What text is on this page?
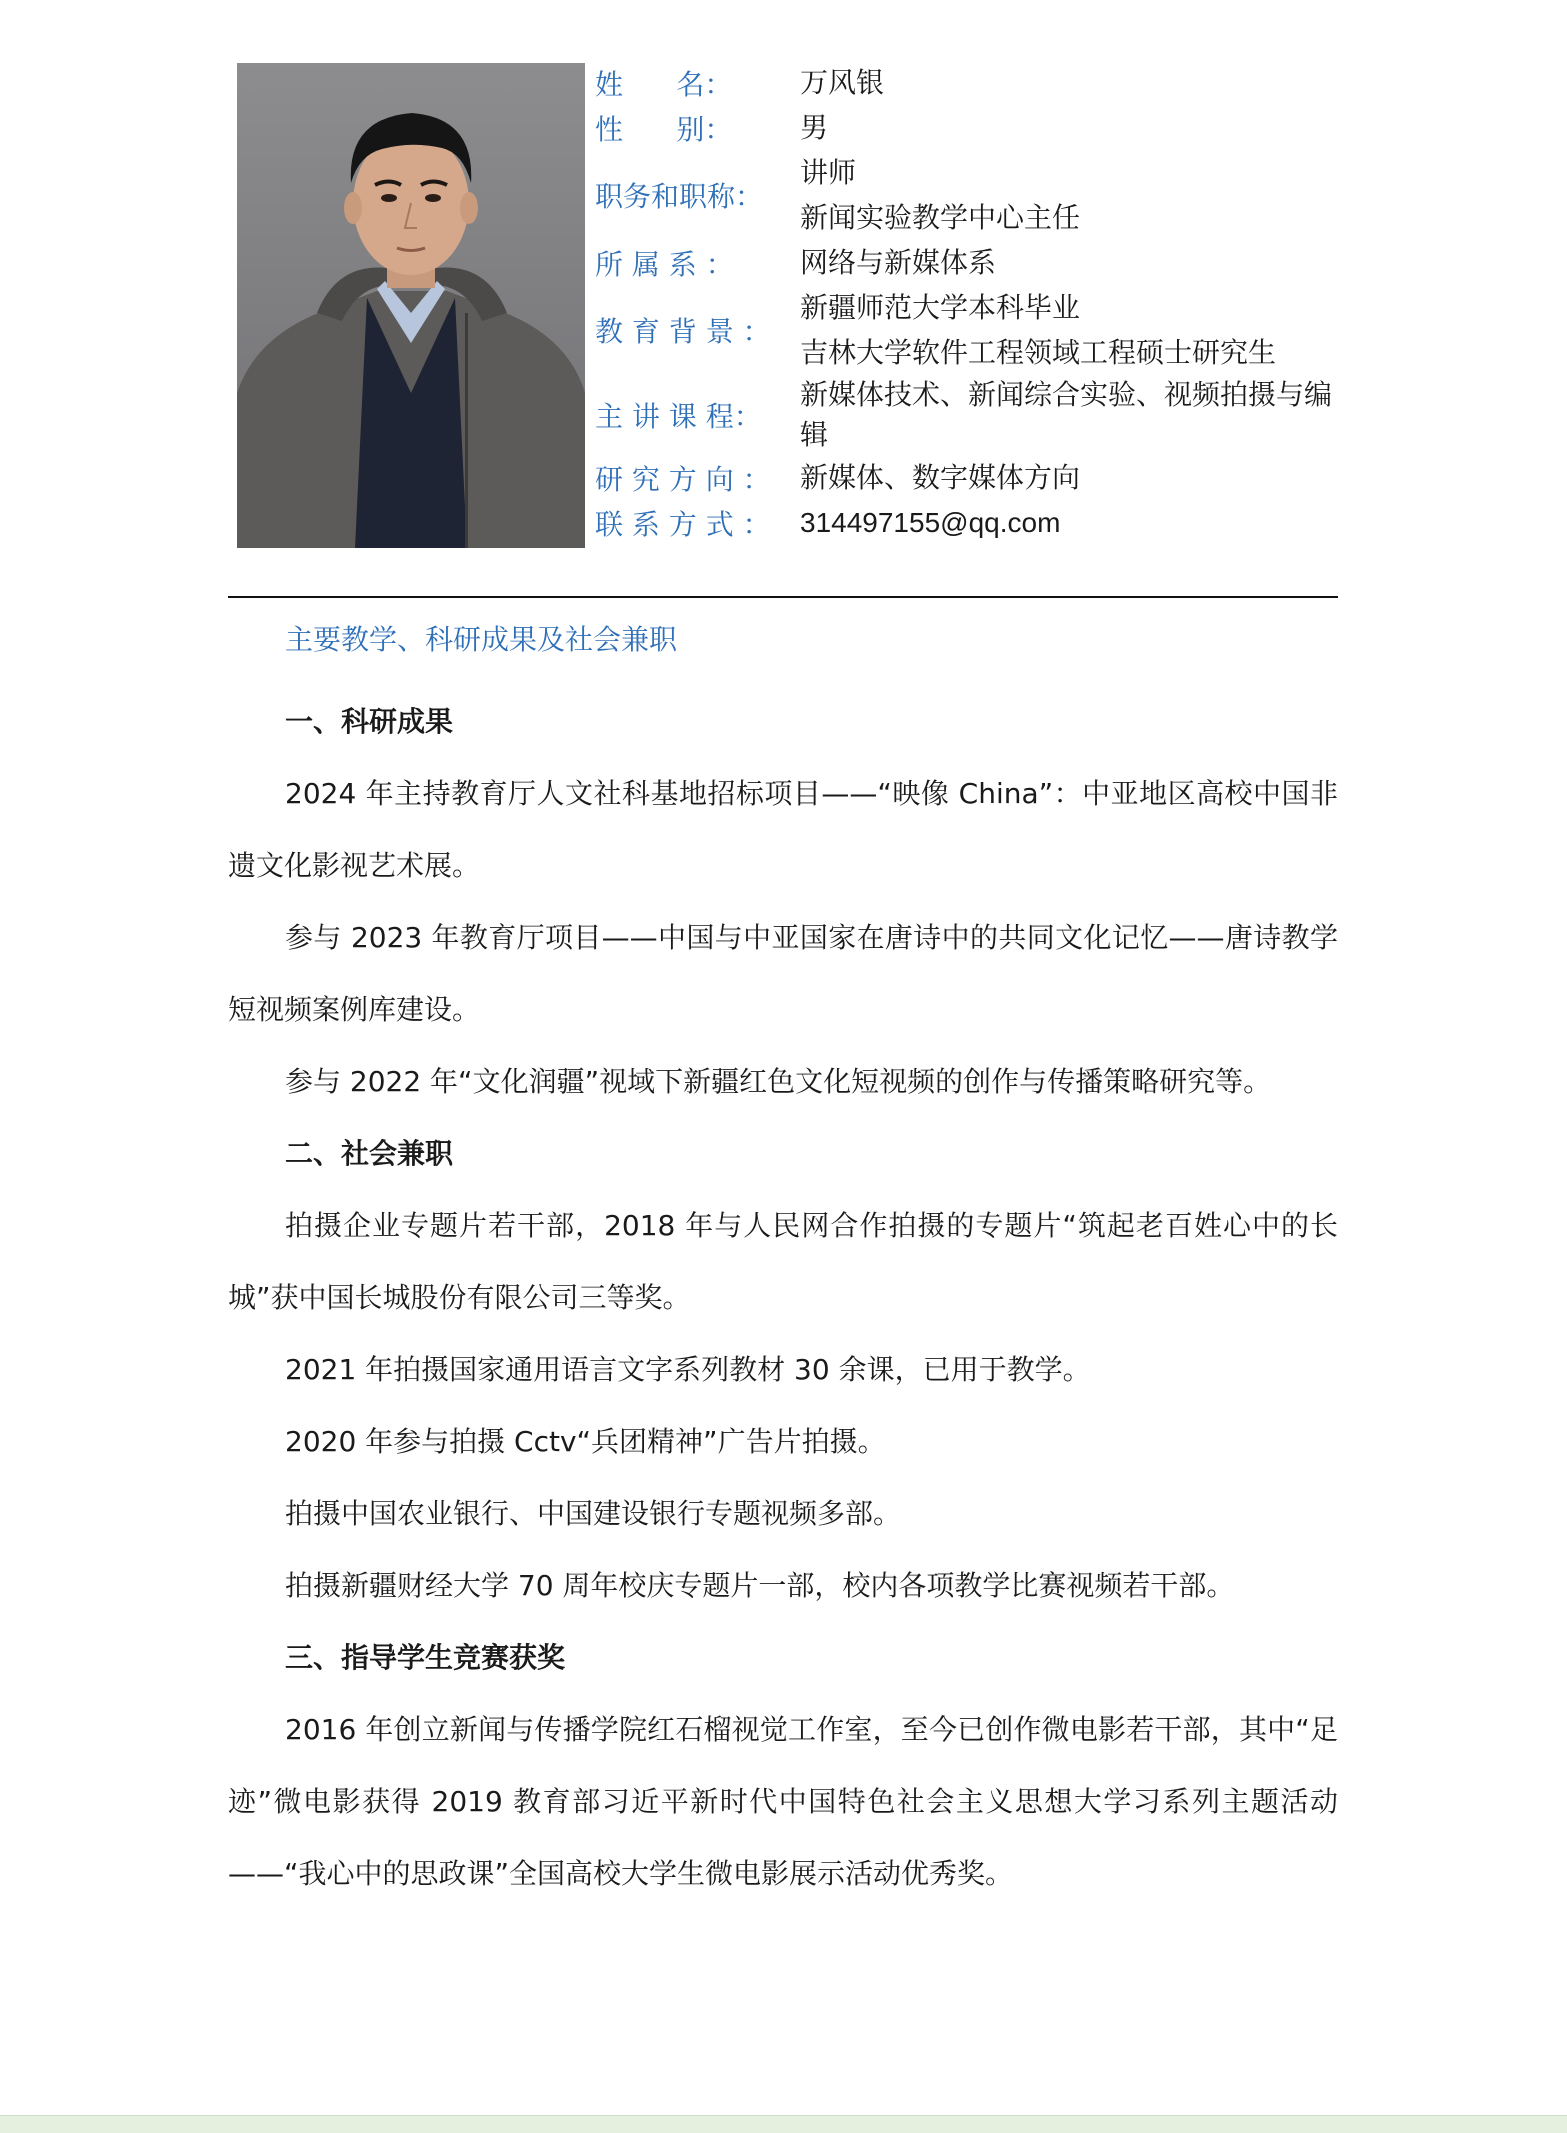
姓      名：	万风银
性      别：	男
职务和职称：
讲师
新闻实验教学中心主任
所 属 系 ：	网络与新媒体系
教 育 背 景 ：
新疆师范大学本科毕业
吉林大学软件工程领域工程硕士研究生
主 讲 课 程：
新媒体技术、新闻综合实验、视频拍摄与编辑
研 究 方 向 ：	新媒体、数字媒体方向
联 系 方 式 ：	314497155@qq.com
主要教学、科研成果及社会兼职
一、科研成果

2024 年主持教育厅人文社科基地招标项目——“映像 China”：中亚地区高校中国非遗文化影视艺术展。

参与 2023 年教育厅项目——中国与中亚国家在唐诗中的共同文化记忆——唐诗教学短视频案例库建设。

参与 2022 年“文化润疆”视域下新疆红色文化短视频的创作与传播策略研究等。

二、社会兼职

拍摄企业专题片若干部，2018 年与人民网合作拍摄的专题片“筑起老百姓心中的长城”获中国长城股份有限公司三等奖。

2021 年拍摄国家通用语言文字系列教材 30 余课，已用于教学。

2020 年参与拍摄 Cctv“兵团精神”广告片拍摄。

拍摄中国农业银行、中国建设银行专题视频多部。

拍摄新疆财经大学 70 周年校庆专题片一部，校内各项教学比赛视频若干部。

三、指导学生竞赛获奖

2016 年创立新闻与传播学院红石榴视觉工作室，至今已创作微电影若干部，其中“足迹”微电影获得 2019 教育部习近平新时代中国特色社会主义思想大学习系列主题活动——“我心中的思政课”全国高校大学生微电影展示活动优秀奖。
